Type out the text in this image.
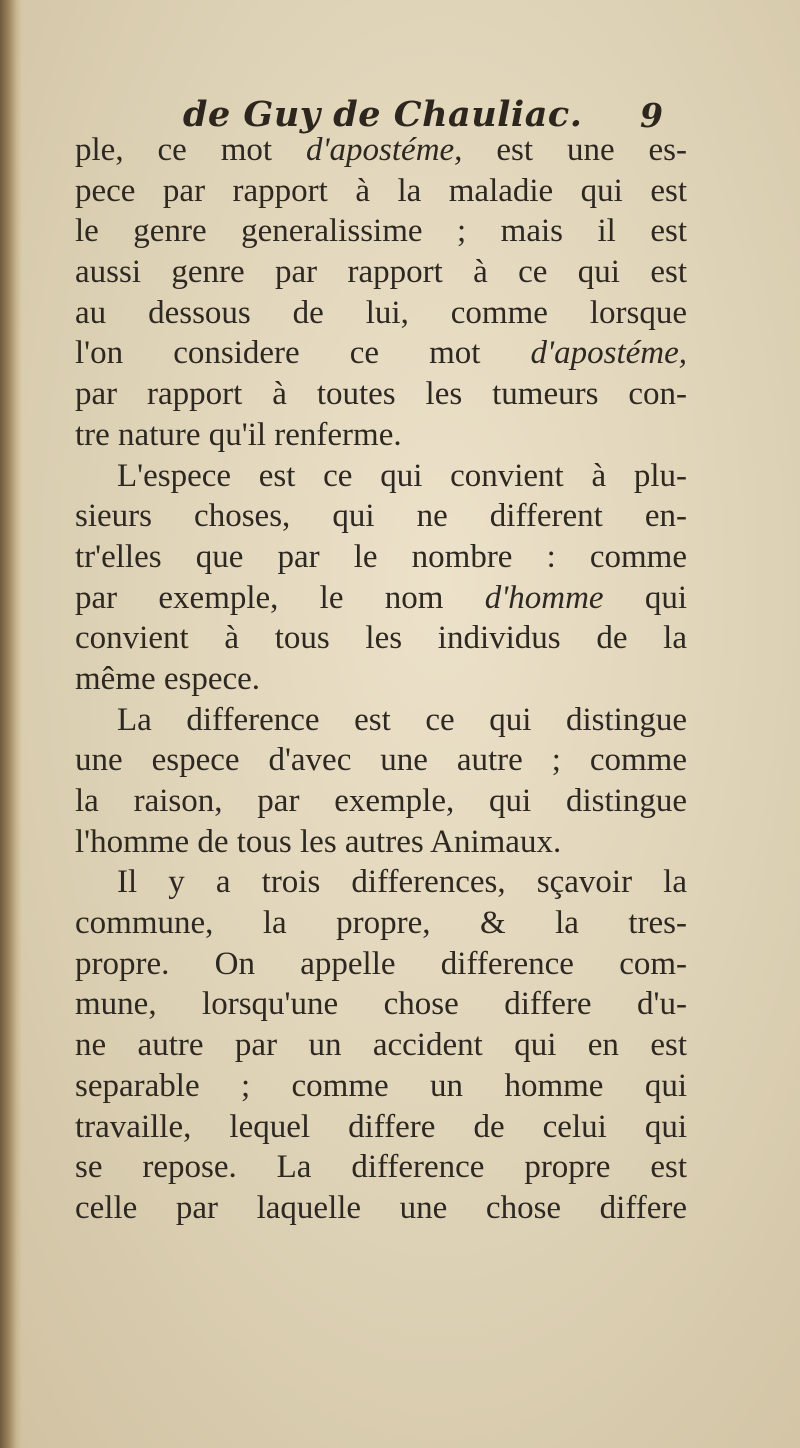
de Guy de Chauliac. 9
ple, ce mot d'apostéme, est une es-
pece par rapport à la maladie qui est
le genre generalissime ; mais il est
aussi genre par rapport à ce qui est
au dessous de lui, comme lorsque
l'on considere ce mot d'apostéme,
par rapport à toutes les tumeurs con-
tre nature qu'il renferme.
L'espece est ce qui convient à plu-
sieurs choses, qui ne different en-
tr'elles que par le nombre : comme
par exemple, le nom d'homme qui
convient à tous les individus de la
même espece.
La difference est ce qui distingue
une espece d'avec une autre ; comme
la raison, par exemple, qui distingue
l'homme de tous les autres Animaux.
Il y a trois differences, sçavoir la
commune, la propre, & la tres-
propre. On appelle difference com-
mune, lorsqu'une chose differe d'u-
ne autre par un accident qui en est
separable ; comme un homme qui
travaille, lequel differe de celui qui
se repose. La difference propre est
celle par laquelle une chose differe
